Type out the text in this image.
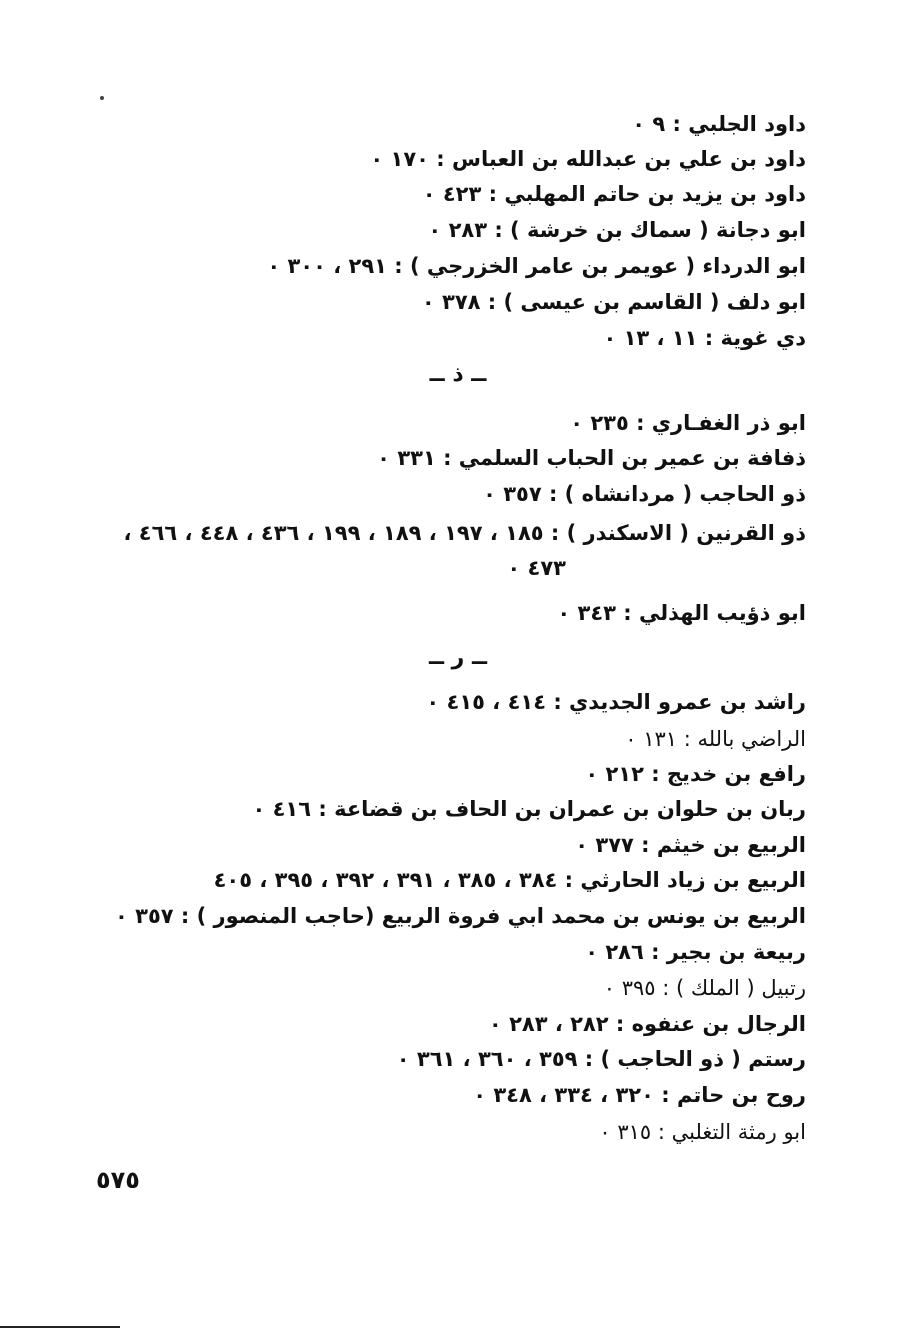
داود الجلبي : ٩ ٠
داود بن علي بن عبدالله بن العباس : ١٧٠ ٠
داود بن يزيد بن حاتم المهلبي : ٤٢٣ ٠
ابو دجانة ( سماك بن خرشة ) : ٢٨٣ ٠
ابو الدرداء ( عويمر بن عامر الخزرجي ) : ٢٩١ ، ٣٠٠ ٠
ابو دلف ( القاسم بن عيسى ) : ٣٧٨ ٠
دي غوية : ١١ ، ١٣ ٠
ــ ذ ــ
ابو ذر الغفـاري : ٢٣٥ ٠
ذفافة بن عمير بن الحباب السلمي : ٣٣١ ٠
ذو الحاجب ( مردانشاه ) : ٣٥٧ ٠
ذو القرنين ( الاسكندر ) : ١٨٥ ، ١٩٧ ، ١٨٩ ، ١٩٩ ، ٤٣٦ ، ٤٤٨ ، ٤٦٦ ،
٤٧٣ ٠
ابو ذؤيب الهذلي : ٣٤٣ ٠
ــ ر ــ
راشد بن عمرو الجديدي : ٤١٤ ، ٤١٥ ٠
الراضي بالله : ١٣١ ٠
رافع بن خديج : ٢١٢ ٠
ربان بن حلوان بن عمران بن الحاف بن قضاعة : ٤١٦ ٠
الربيع بن خيثم : ٣٧٧ ٠
الربيع بن زياد الحارثي : ٣٨٤ ، ٣٨٥ ، ٣٩١ ، ٣٩٢ ، ٣٩٥ ، ٤٠٥
الربيع بن يونس بن محمد ابي فروة الربيع (حاجب المنصور ) : ٣٥٧ ٠
ربيعة بن بجير : ٢٨٦ ٠
رتبيل ( الملك ) : ٣٩٥ ٠
الرجال بن عنفوه : ٢٨٢ ، ٢٨٣ ٠
رستم ( ذو الحاجب ) : ٣٥٩ ، ٣٦٠ ، ٣٦١ ٠
روح بن حاتم : ٣٢٠ ، ٣٣٤ ، ٣٤٨ ٠
ابو رمثة التغلبي : ٣١٥ ٠
٥٧٥
